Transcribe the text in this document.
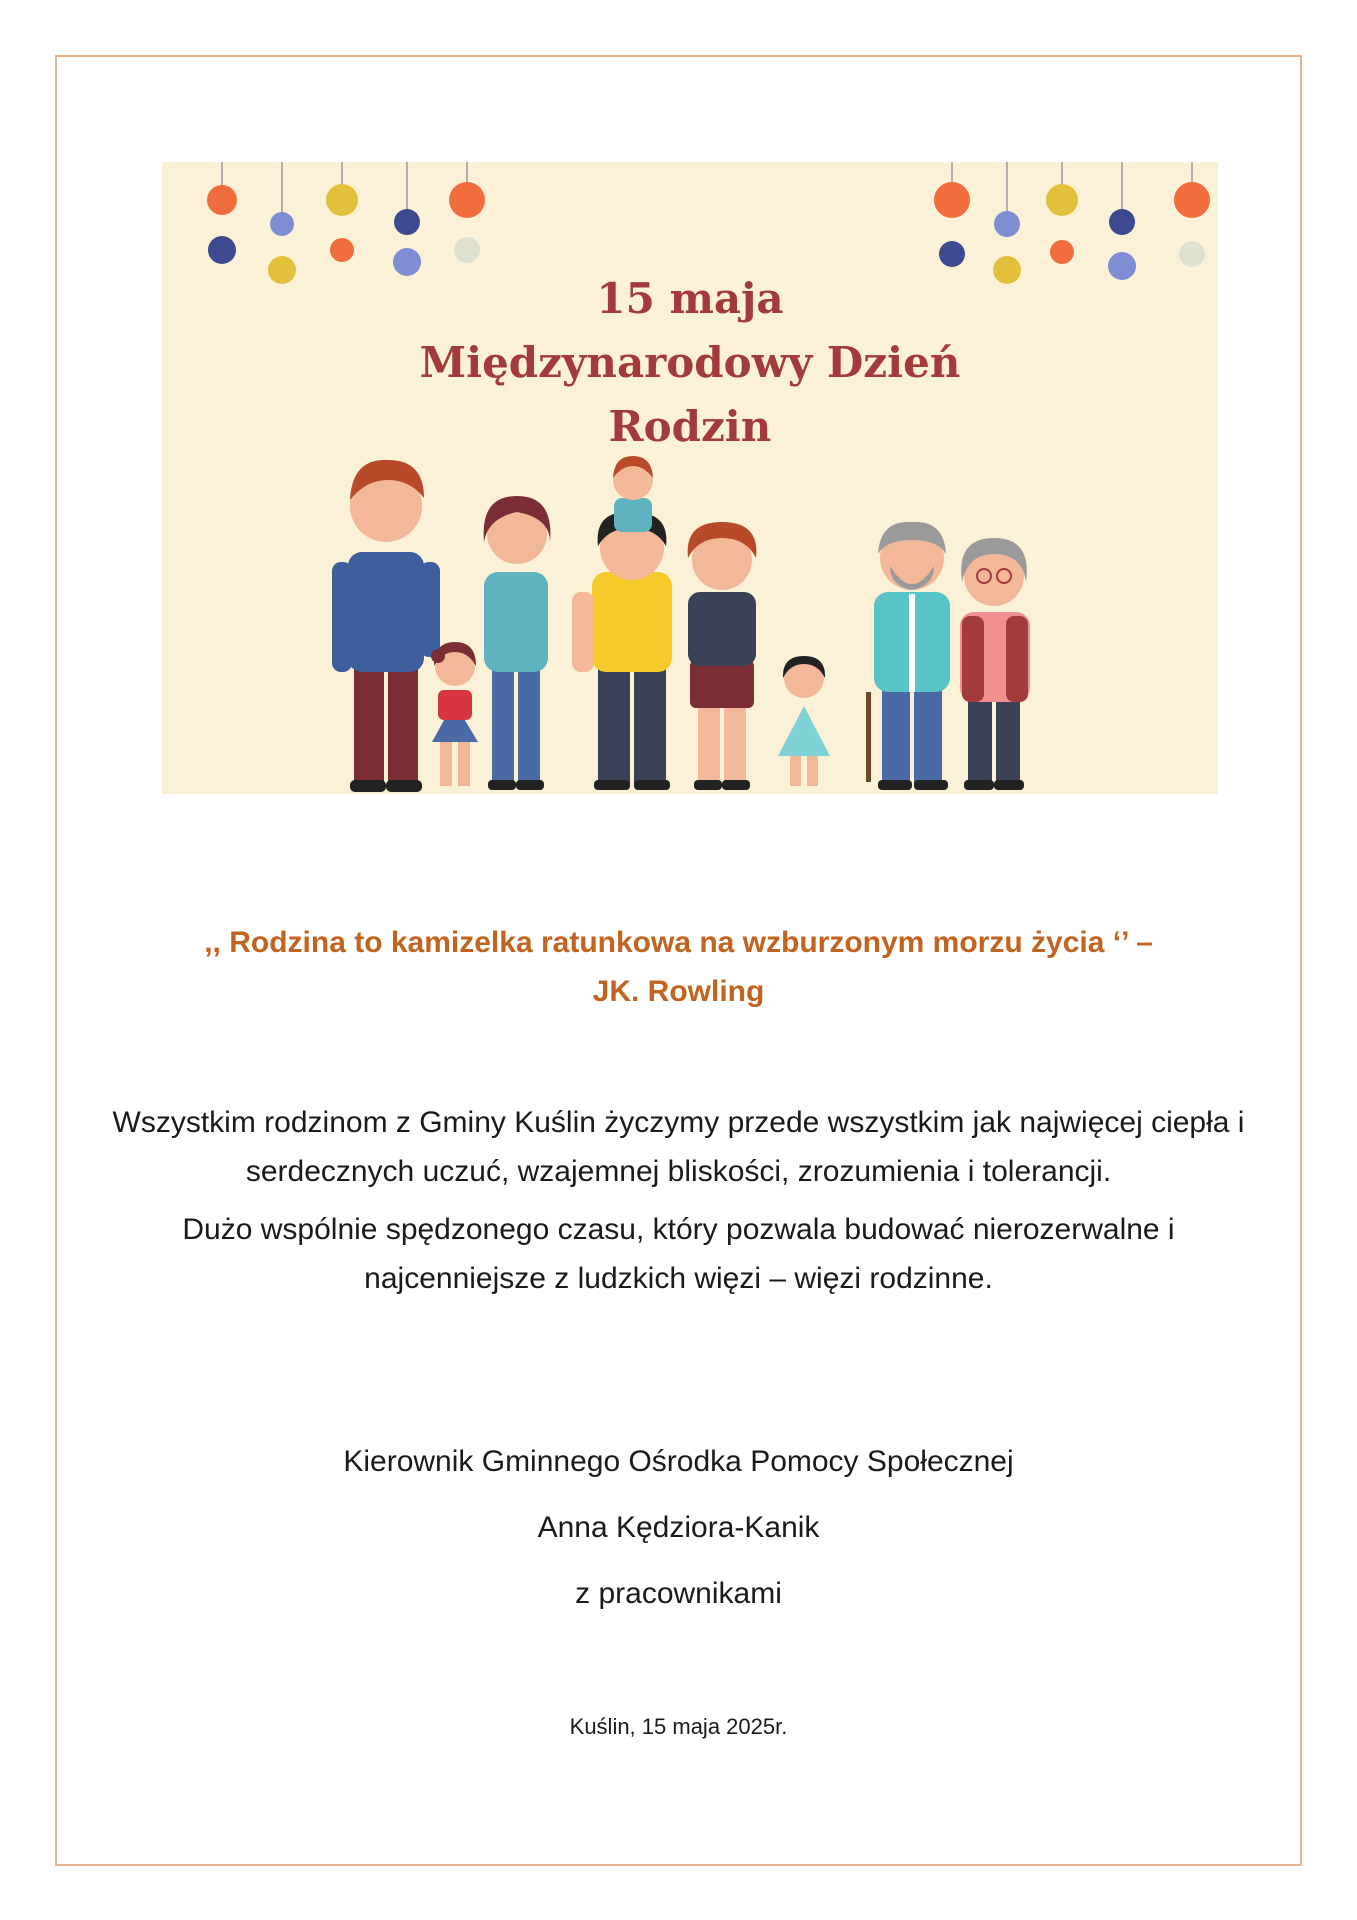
15 maja
Międzynarodowy Dzień
Rodzin
,, Rodzina to kamizelka ratunkowa na wzburzonym morzu życia ‘’ –
JK. Rowling

Wszystkim rodzinom z Gminy Kuślin życzymy przede wszystkim jak najwięcej ciepła i serdecznych uczuć, wzajemnej bliskości, zrozumienia i tolerancji.

Dużo wspólnie spędzonego czasu, który pozwala budować nierozerwalne i najcenniejsze z ludzkich więzi – więzi rodzinne.

Kierownik Gminnego Ośrodka Pomocy Społecznej
Anna Kędziora-Kanik
z pracownikami
Kuślin, 15 maja 2025r.
